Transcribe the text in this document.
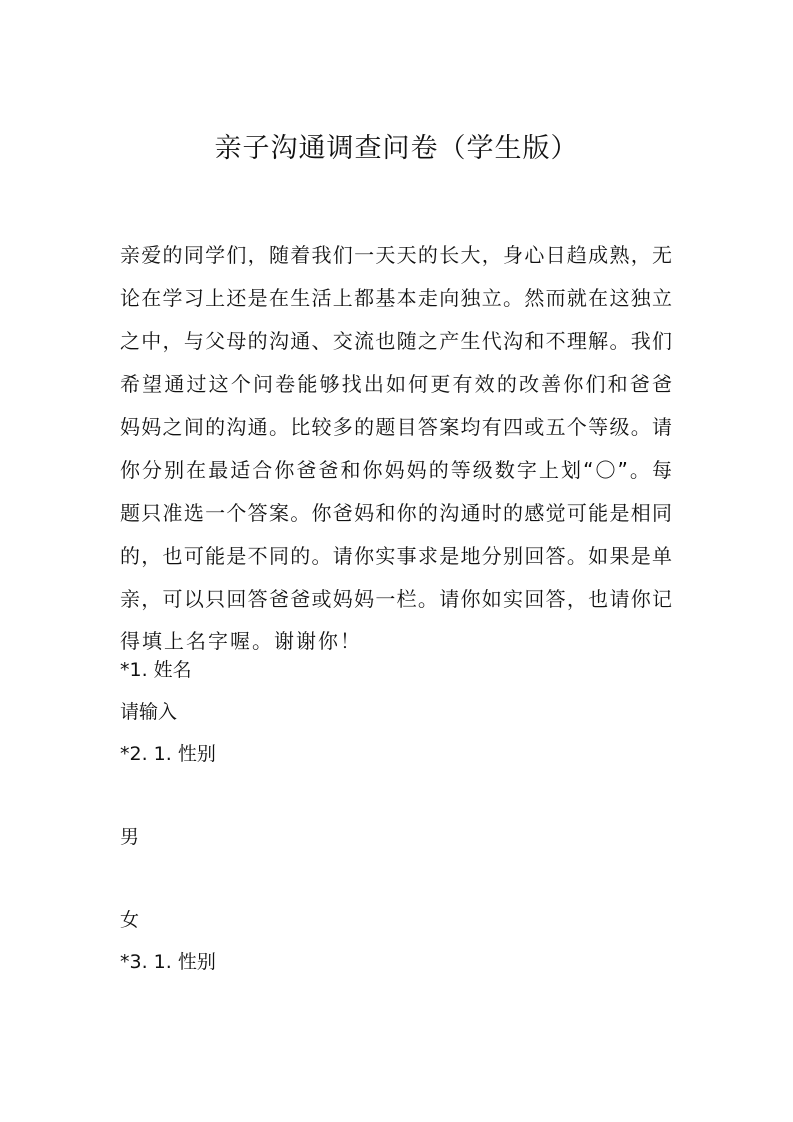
亲子沟通调查问卷（学生版）
亲爱的同学们，随着我们一天天的长大，身心日趋成熟，无
论在学习上还是在生活上都基本走向独立。然而就在这独立
之中，与父母的沟通、交流也随之产生代沟和不理解。我们
希望通过这个问卷能够找出如何更有效的改善你们和爸爸
妈妈之间的沟通。比较多的题目答案均有四或五个等级。请
你分别在最适合你爸爸和你妈妈的等级数字上划“〇”。每
题只准选一个答案。你爸妈和你的沟通时的感觉可能是相同
的，也可能是不同的。请你实事求是地分别回答。如果是单
亲，可以只回答爸爸或妈妈一栏。请你如实回答，也请你记
得填上名字喔。谢谢你！
*1. 姓名
请输入
*2. 1. 性别
男
女
*3. 1. 性别
